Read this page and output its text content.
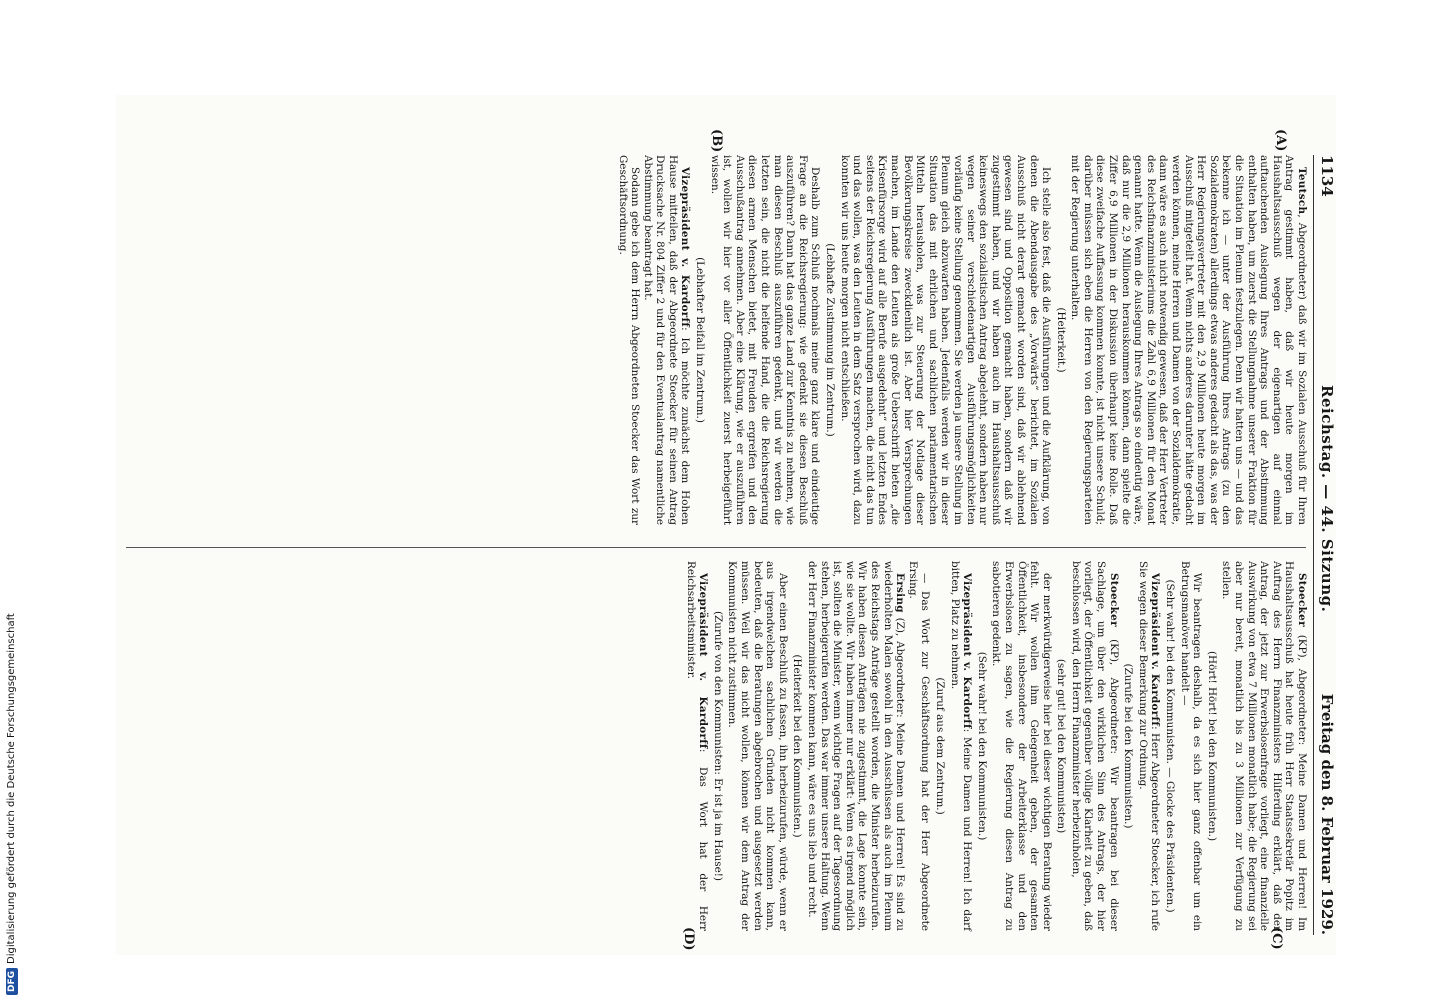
1134
Reichstag. — 44. Sitzung.
Freitag den 8. Februar 1929.
(A)
(B)
(C)
(D)

Teutsch, Abgeordneter) daß wir im Sozialen Ausschuß für Ihren Antrag gestimmt haben, daß wir heute morgen im Haushaltsausschuß wegen der eigenartigen auf einmal auftauchenden Auslegung Ihres Antrags und der Abstimmung enthalten haben, um zuerst die Stellungnahme unserer Fraktion für die Situation im Plenum festzulegen. Denn wir hatten uns — und das bekenne ich — unter der Ausführung Ihres Antrags (zu den Sozialdemokraten) allerdings etwas anderes gedacht als das, was der Herr Regierungsvertreter mit den 2,9 Millionen heute morgen im Ausschuß mitgeteilt hat. Wenn nichts anderes darunter hätte gedacht werden können, meine Herren und Damen von der Sozialdemokratie, dann wäre es auch nicht notwendig gewesen, daß der Herr Vertreter des Reichsfinanzministeriums die Zahl 6,9 Millionen für den Monat genannt hatte. Wenn die Auslegung Ihres Antrags so eindeutig wäre, daß nur die 2,9 Millionen herauskommen können, dann spielte die Ziffer 6,9 Millionen in der Diskussion überhaupt keine Rolle. Daß diese zweifache Auffassung kommen konnte, ist nicht unsere Schuld; darüber müssen sich eben die Herren von den Regierungsparteien mit der Regierung unterhalten.

(Heiterkeit.)

Ich stelle also fest, daß die Ausführungen und die Aufklärung, von denen die Abendausgabe des „Vorwärts“ berichtet, im Sozialen Ausschuß nicht derart gemacht worden sind, daß wir ablehnend gewesen sind und Opposition gemacht haben, sondern daß wir zugestimmt haben, und wir haben auch im Haushaltsausschuß keineswegs den sozialistischen Antrag abgelehnt, sondern haben nur wegen seiner verschiedenartigen Ausführungsmöglichkeiten vorläufig keine Stellung genommen. Sie werden ja unsere Stellung im Plenum gleich abzuwarten haben. Jedenfalls werden wir in dieser Situation das mit ehrlichen und sachlichen parlamentarischen Mitteln herausholen, was zur Steuerung der Notlage dieser Bevölkerungskreise zweckdienlich ist. Aber hier Versprechungen machen, im Lande den Leuten als große Ueberschrift bieten „die Krisenfürsorge wird auf alle Berufe ausgedehnt“ und letzten Endes seitens der Reichsregierung Ausführungen machen, die nicht das tun und das wollen, was den Leuten in dem Satz versprochen wird, dazu konnten wir uns heute morgen nicht entschließen.

(Lebhafte Zustimmung im Zentrum.)

Deshalb zum Schluß nochmals meine ganz klare und eindeutige Frage an die Reichsregierung: wie gedenkt sie diesen Beschluß auszuführen? Dann hat das ganze Land zur Kenntnis zu nehmen, wie man diesen Beschluß auszuführen gedenkt, und wir werden die letzten sein, die nicht die helfende Hand, die die Reichsregierung diesen armen Menschen bietet, mit Freuden ergreifen und den Ausschußantrag annehmen. Aber eine Klärung, wie er auszuführen ist, wollen wir hier vor aller Öffentlichkeit zuerst herbeigeführt wissen.

(Lebhafter Beifall im Zentrum.)

Vizepräsident v. Kardorff: Ich möchte zunächst dem Hohen Hause mitteilen, daß der Abgeordnete Stoecker für seinen Antrag Drucksache Nr. 804 Ziffer 2 und für den Eventualantrag namentliche Abstimmung beantragt hat.

Sodann gebe ich dem Herrn Abgeordneten Stoecker das Wort zur Geschäftsordnung.

Stoecker (KP), Abgeordneter: Meine Damen und Herren! Im Haushaltsausschuß hat heute früh Herr Staatssekretär Popitz im Auftrag des Herrn Finanzministers Hilferding erklärt, daß der Antrag, der jetzt zur Erwerbslosenfrage vorliegt, eine finanzielle Auswirkung von etwa 7 Millionen monatlich habe; die Regierung sei aber nur bereit, monatlich bis zu 3 Millionen zur Verfügung zu stellen.

(Hört! Hört! bei den Kommunisten.)

Wir beantragen deshalb, da es sich hier ganz offenbar um ein Betrugsmanöver handelt —

(Sehr wahr! bei den Kommunisten. — Glocke des Präsidenten.)

Vizepräsident v. Kardorff: Herr Abgeordneter Stoecker, ich rufe Sie wegen dieser Bemerkung zur Ordnung.

(Zurufe bei den Kommunisten.)

Stoecker (KP), Abgeordneter: Wir beantragen bei dieser Sachlage, um über den wirklichen Sinn des Antrags, der hier vorliegt, der Öffentlichkeit gegenüber völlige Klarheit zu geben, daß beschlossen wird, den Herrn Finanzminister herbeizuholen,

(sehr gut! bei den Kommunisten)

der merkwürdigerweise hier bei dieser wichtigen Beratung wieder fehlt. Wir wollen ihm Gelegenheit geben, der gesamten Öffentlichkeit, insbesondere der Arbeiterklasse und den Erwerbslosen zu sagen, wie die Regierung diesen Antrag zu sabotieren gedenkt.

(Sehr wahr! bei den Kommunisten.)

Vizepräsident v. Kardorff: Meine Damen und Herren! Ich darf bitten, Platz zu nehmen.

(Zuruf aus dem Zentrum.)

— Das Wort zur Geschäftsordnung hat der Herr Abgeordnete Ersing.

Ersing (Z), Abgeordneter: Meine Damen und Herren! Es sind zu wiederholten Malen sowohl in den Ausschüssen als auch im Plenum des Reichstags Anträge gestellt worden, die Minister herbeizurufen. Wir haben diesen Anträgen nie zugestimmt, die Lage konnte sein, wie sie wollte. Wir haben immer nur erklärt: Wenn es irgend möglich ist, sollten die Minister, wenn wichtige Fragen auf der Tagesordnung stehen, herbeigerufen werden. Das war immer unsere Haltung. Wenn der Herr Finanzminister kommen kann, wäre es uns lieb und recht.

(Heiterkeit bei den Kommunisten.)

Aber einen Beschluß zu fassen, ihn herbeizurufen, würde, wenn er aus irgendwelchen sachlichen Gründen nicht kommen kann, bedeuten, daß die Beratungen abgebrochen und ausgesetzt werden müssen. Weil wir das nicht wollen, können wir dem Antrag der Kommunisten nicht zustimmen.

(Zurufe von den Kommunisten: Er ist ja im Hause!)

Vizepräsident v. Kardorff: Das Wort hat der Herr Reichsarbeitsminister.

DFGDigitalisierung gefördert durch die Deutsche Forschungsgemeinschaft
